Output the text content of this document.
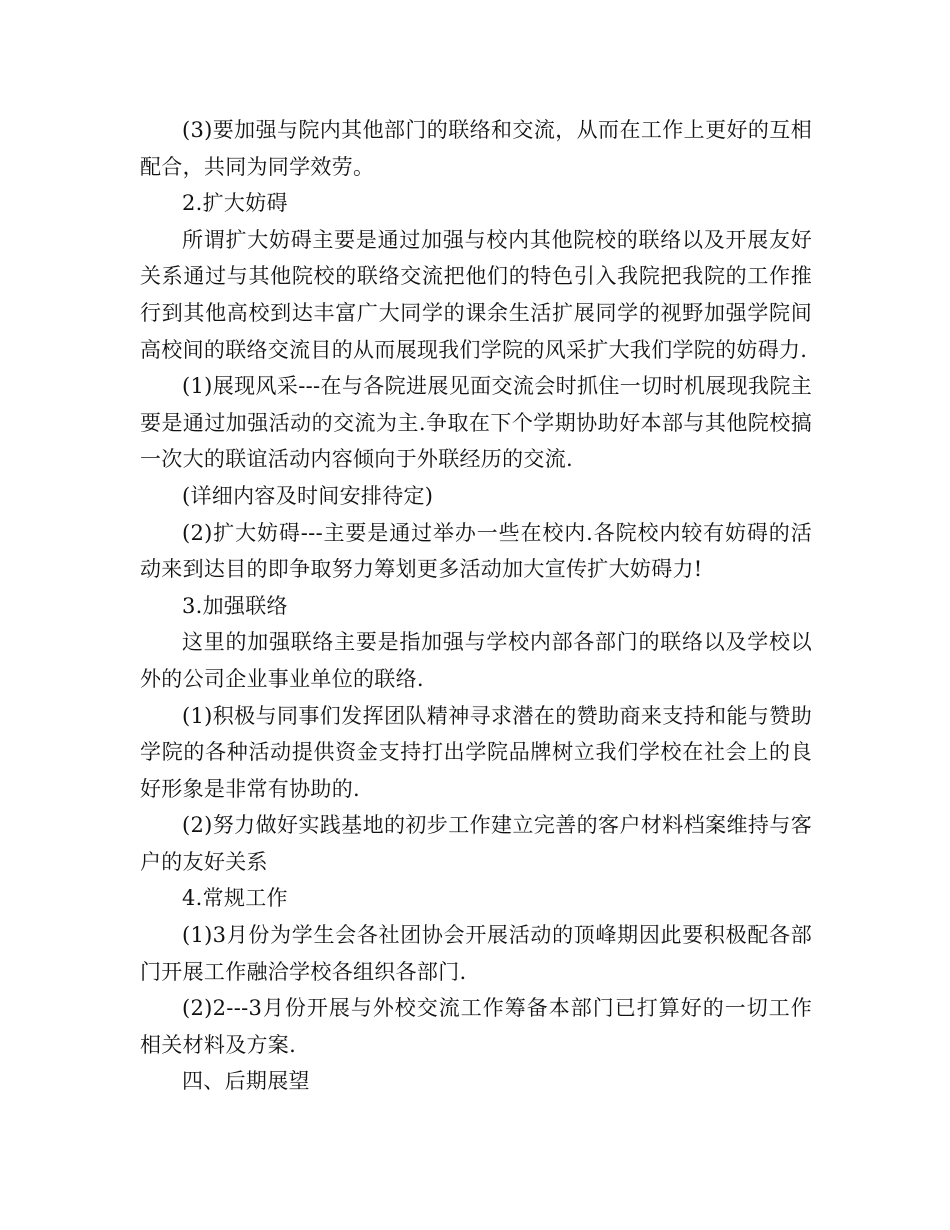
(3)要加强与院内其他部门的联络和交流，从而在工作上更好的互相配合，共同为同学效劳。

2.扩大妨碍

所谓扩大妨碍主要是通过加强与校内其他院校的联络以及开展友好关系通过与其他院校的联络交流把他们的特色引入我院把我院的工作推行到其他高校到达丰富广大同学的课余生活扩展同学的视野加强学院间高校间的联络交流目的从而展现我们学院的风采扩大我们学院的妨碍力.

(1)展现风采---在与各院进展见面交流会时抓住一切时机展现我院主要是通过加强活动的交流为主.争取在下个学期协助好本部与其他院校搞一次大的联谊活动内容倾向于外联经历的交流.

(详细内容及时间安排待定)

(2)扩大妨碍---主要是通过举办一些在校内.各院校内较有妨碍的活动来到达目的即争取努力筹划更多活动加大宣传扩大妨碍力!

3.加强联络

这里的加强联络主要是指加强与学校内部各部门的联络以及学校以外的公司企业事业单位的联络.

(1)积极与同事们发挥团队精神寻求潜在的赞助商来支持和能与赞助学院的各种活动提供资金支持打出学院品牌树立我们学校在社会上的良好形象是非常有协助的.

(2)努力做好实践基地的初步工作建立完善的客户材料档案维持与客户的友好关系

4.常规工作

(1)3月份为学生会各社团协会开展活动的顶峰期因此要积极配各部门开展工作融洽学校各组织各部门.

(2)2---3月份开展与外校交流工作筹备本部门已打算好的一切工作相关材料及方案.

四、后期展望
